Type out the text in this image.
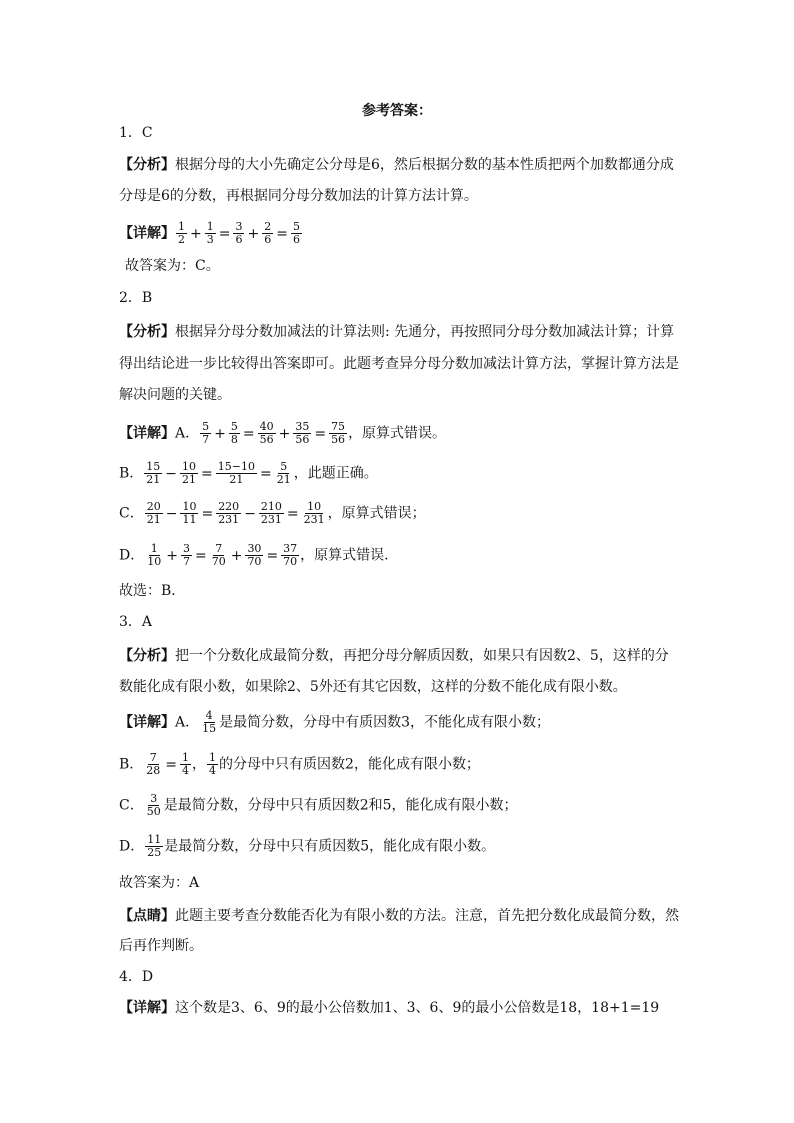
参考答案：
1．C
【分析】根据分母的大小先确定公分母是6，然后根据分数的基本性质把两个加数都通分成
分母是6的分数，再根据同分母分数加法的计算方法计算。
【详解】 $\frac{1}{2} + \frac{1}{3} = \frac{3}{6} + \frac{2}{6} = \frac{5}{6}$
故答案为：C。
2．B
【分析】根据异分母分数加减法的计算法则: 先通分，再按照同分母分数加减法计算；计算
得出结论进一步比较得出答案即可。此题考查异分母分数加减法计算方法，掌握计算方法是
解决问题的关键。
【详解】A． $\frac{5}{7} + \frac{5}{8} = \frac{40}{56} + \frac{35}{56} = \frac{75}{56}$ ，原算式错误。
B． $\frac{15}{21} - \frac{10}{21} = \frac{15-10}{21} = \frac{5}{21}$ ，此题正确。
C． $\frac{20}{21} - \frac{10}{11} = \frac{220}{231} - \frac{210}{231} = \frac{10}{231}$ ，原算式错误；
D． $\frac{1}{10} + \frac{3}{7} = \frac{7}{70} + \frac{30}{70} = \frac{37}{70}$ ，原算式错误.
故选：B．
3．A
【分析】把一个分数化成最简分数，再把分母分解质因数，如果只有因数2、5，这样的分
数能化成有限小数，如果除2、5外还有其它因数，这样的分数不能化成有限小数。
【详解】A． $\frac{4}{15}$ 是最简分数，分母中有质因数3，不能化成有限小数；
B． $\frac{7}{28} = \frac{1}{4}$ ， $\frac{1}{4}$ 的分母中只有质因数2，能化成有限小数；
C． $\frac{3}{50}$ 是最简分数，分母中只有质因数2和5，能化成有限小数；
D． $\frac{11}{25}$ 是最简分数，分母中只有质因数5，能化成有限小数。
故答案为：A
【点睛】此题主要考查分数能否化为有限小数的方法。注意，首先把分数化成最简分数，然
后再作判断。
4．D
【详解】这个数是3、6、9的最小公倍数加1、3、6、9的最小公倍数是18，18+1=19
